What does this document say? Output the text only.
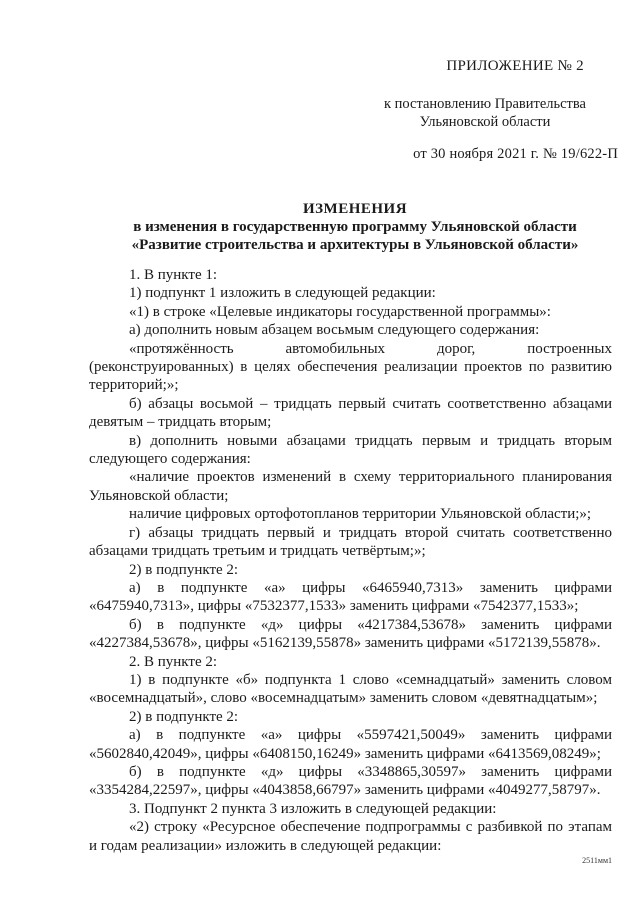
ПРИЛОЖЕНИЕ № 2
к постановлению Правительства
Ульяновской области
от 30 ноября 2021 г. № 19/622-П
ИЗМЕНЕНИЯ
в изменения в государственную программу Ульяновской области
«Развитие строительства и архитектуры в Ульяновской области»

1. В пункте 1:

1) подпункт 1 изложить в следующей редакции:

«1) в строке «Целевые индикаторы государственной программы»:

а) дополнить новым абзацем восьмым следующего содержания:

«протяжённость автомобильных дорог, построенных (реконструированных) в целях обеспечения реализации проектов по развитию территорий;»;

б) абзацы восьмой – тридцать первый считать соответственно абзацами девятым – тридцать вторым;

в) дополнить новыми абзацами тридцать первым и тридцать вторым следующего содержания:

«наличие проектов изменений в схему территориального планирования Ульяновской области;

наличие цифровых ортофотопланов территории Ульяновской области;»;

г) абзацы тридцать первый и тридцать второй считать соответственно абзацами тридцать третьим и тридцать четвёртым;»;

2) в подпункте 2:

а) в подпункте «а» цифры «6465940,7313» заменить цифрами «6475940,7313», цифры «7532377,1533» заменить цифрами «7542377,1533»;

б) в подпункте «д» цифры «4217384,53678» заменить цифрами «4227384,53678», цифры «5162139,55878» заменить цифрами «5172139,55878».

2. В пункте 2:

1) в подпункте «б» подпункта 1 слово «семнадцатый» заменить словом «восемнадцатый», слово «восемнадцатым» заменить словом «девятнадцатым»;

2) в подпункте 2:

а) в подпункте «а» цифры «5597421,50049» заменить цифрами «5602840,42049», цифры «6408150,16249» заменить цифрами «6413569,08249»;

б) в подпункте «д» цифры «3348865,30597» заменить цифрами «3354284,22597», цифры «4043858,66797» заменить цифрами «4049277,58797».

3. Подпункт 2 пункта 3 изложить в следующей редакции:

«2) строку «Ресурсное обеспечение подпрограммы с разбивкой по этапам и годам реализации» изложить в следующей редакции:

2511мм1
